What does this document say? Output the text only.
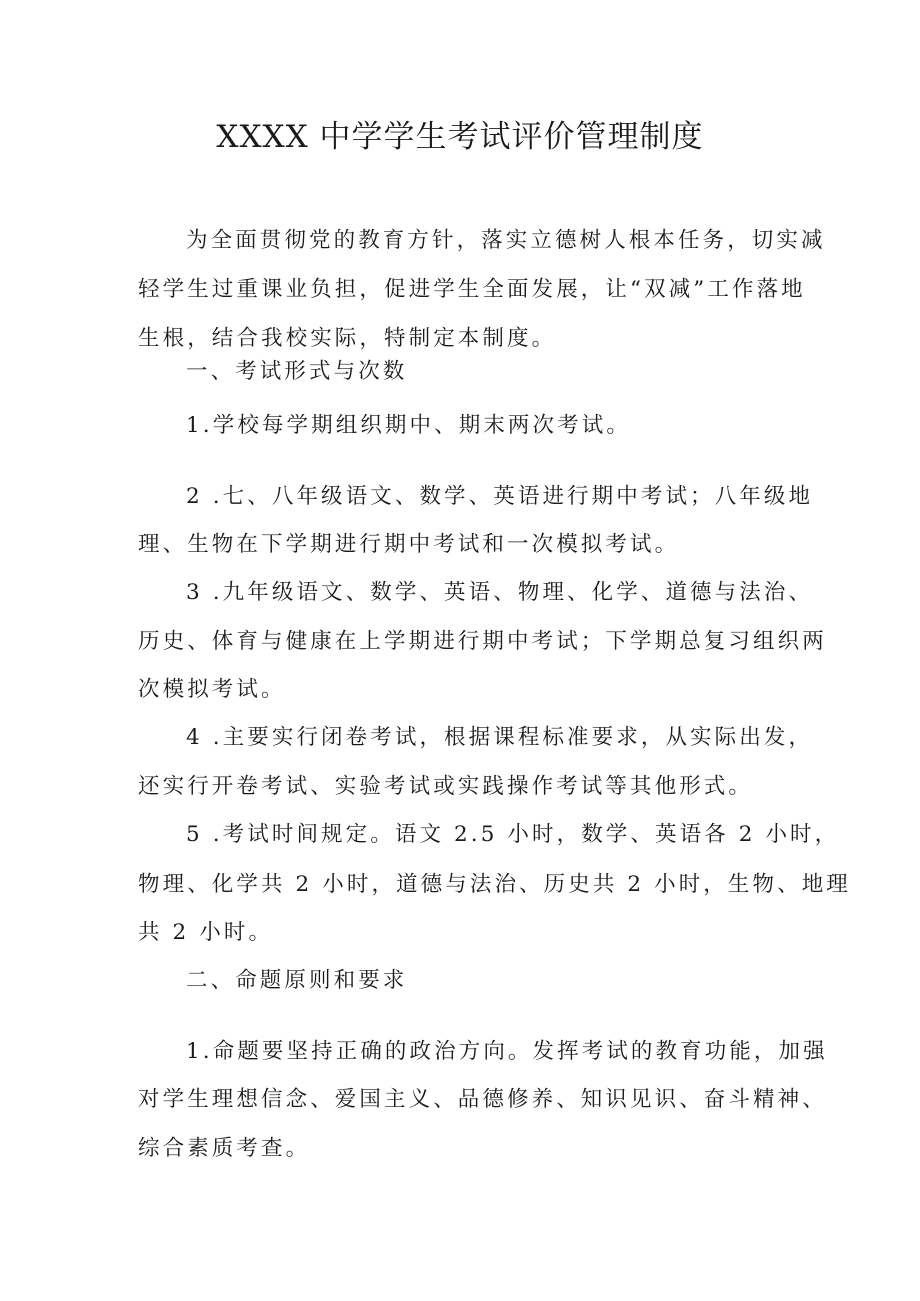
XXXX 中学学生考试评价管理制度

为全面贯彻党的教育方针，落实立德树人根本任务，切实减

轻学生过重课业负担，促进学生全面发展，让“双减”工作落地

生根，结合我校实际，特制定本制度。

一、考试形式与次数

1.学校每学期组织期中、期末两次考试。

2 .七、八年级语文、数学、英语进行期中考试；八年级地

理、生物在下学期进行期中考试和一次模拟考试。

3 .九年级语文、数学、英语、物理、化学、道德与法治、

历史、体育与健康在上学期进行期中考试；下学期总复习组织两

次模拟考试。

4 .主要实行闭卷考试，根据课程标准要求，从实际出发，

还实行开卷考试、实验考试或实践操作考试等其他形式。

5 .考试时间规定。语文 2.5 小时，数学、英语各 2 小时，

物理、化学共 2 小时，道德与法治、历史共 2 小时，生物、地理

共 2 小时。

二、命题原则和要求

1.命题要坚持正确的政治方向。发挥考试的教育功能，加强

对学生理想信念、爱国主义、品德修养、知识见识、奋斗精神、

综合素质考查。
